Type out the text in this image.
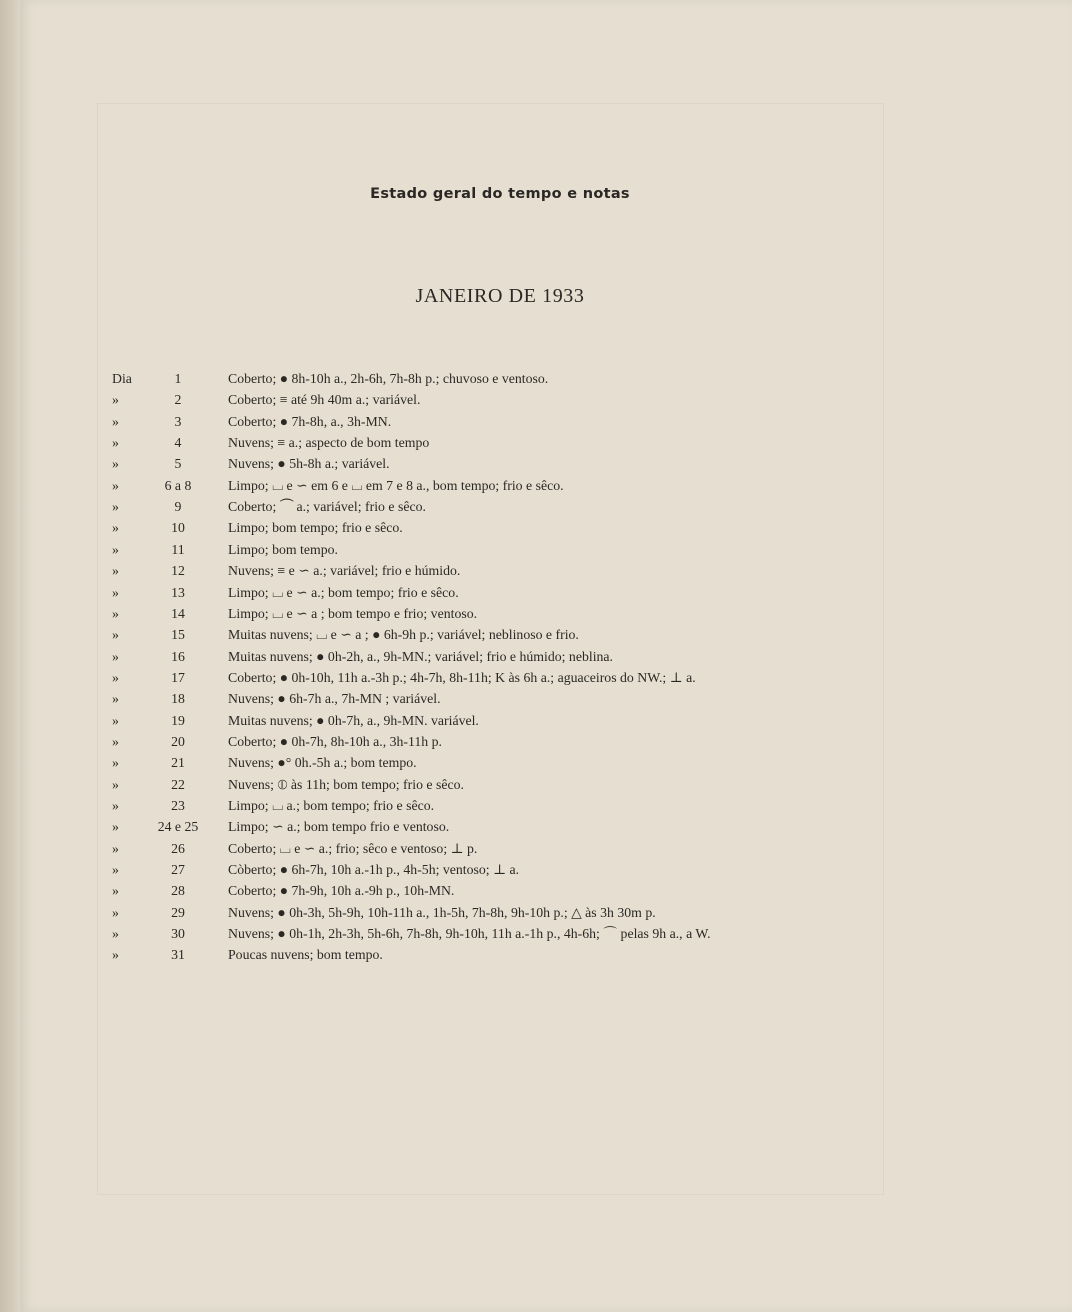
Estado geral do tempo e notas
JANEIRO DE 1933
Dia	1	Coberto; ● 8h-10h a., 2h-6h, 7h-8h p.; chuvoso e ventoso.
»	2	Coberto; ≡ até 9h 40m a.; variável.
»	3	Coberto; ● 7h-8h, a., 3h-MN.
»	4	Nuvens; ≡ a.; aspecto de bom tempo
»	5	Nuvens; ● 5h-8h a.; variável.
»	6 a 8	Limpo; ⌴ e ∽ em 6 e ⌴ em 7 e 8 a., bom tempo; frio e sêco.
»	9	Coberto; ⏜ a.; variável; frio e sêco.
»	10	Limpo; bom tempo; frio e sêco.
»	11	Limpo; bom tempo.
»	12	Nuvens; ≡ e ∽ a.; variável; frio e húmido.
»	13	Limpo; ⌴ e ∽ a.; bom tempo; frio e sêco.
»	14	Limpo; ⌴ e ∽ a ; bom tempo e frio; ventoso.
»	15	Muitas nuvens; ⌴ e ∽ a ; ● 6h-9h p.; variável; neblinoso e frio.
»	16	Muitas nuvens; ● 0h-2h, a., 9h-MN.; variável; frio e húmido; neblina.
»	17	Coberto; ● 0h-10h, 11h a.-3h p.; 4h-7h, 8h-11h; K às 6h a.; aguaceiros do NW.; ⊥ a.
»	18	Nuvens; ● 6h-7h a., 7h-MN ; variável.
»	19	Muitas nuvens; ● 0h-7h, a., 9h-MN. variável.
»	20	Coberto; ● 0h-7h, 8h-10h a., 3h-11h p.
»	21	Nuvens; ●° 0h.-5h a.; bom tempo.
»	22	Nuvens; ⦶ às 11h; bom tempo; frio e sêco.
»	23	Limpo; ⌴ a.; bom tempo; frio e sêco.
»	24 e 25	Limpo; ∽ a.; bom tempo frio e ventoso.
»	26	Coberto; ⌴ e ∽ a.; frio; sêco e ventoso; ⊥ p.
»	27	Còberto; ● 6h-7h, 10h a.-1h p., 4h-5h; ventoso; ⊥ a.
»	28	Coberto; ● 7h-9h, 10h a.-9h p., 10h-MN.
»	29	Nuvens; ● 0h-3h, 5h-9h, 10h-11h a., 1h-5h, 7h-8h, 9h-10h p.; △ às 3h 30m p.
»	30	Nuvens; ● 0h-1h, 2h-3h, 5h-6h, 7h-8h, 9h-10h, 11h a.-1h p., 4h-6h; ⌒ pelas 9h a., a W.
»	31	Poucas nuvens; bom tempo.
